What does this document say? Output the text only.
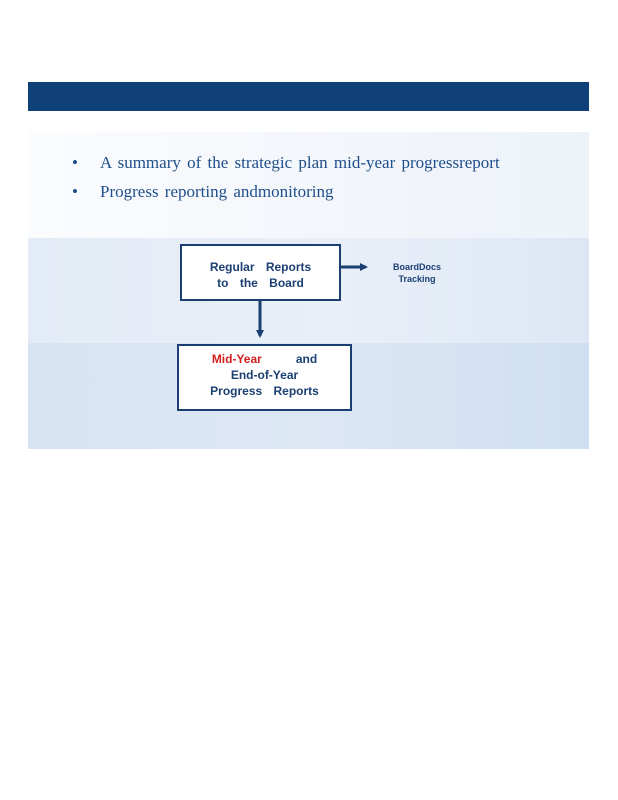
• A summary of the strategic plan mid-year progressreport
• Progress reporting andmonitoring
Regular Reports
to the Board
BoardDocs
Tracking
Mid-Year	and
End-of-Year
Progress Reports
